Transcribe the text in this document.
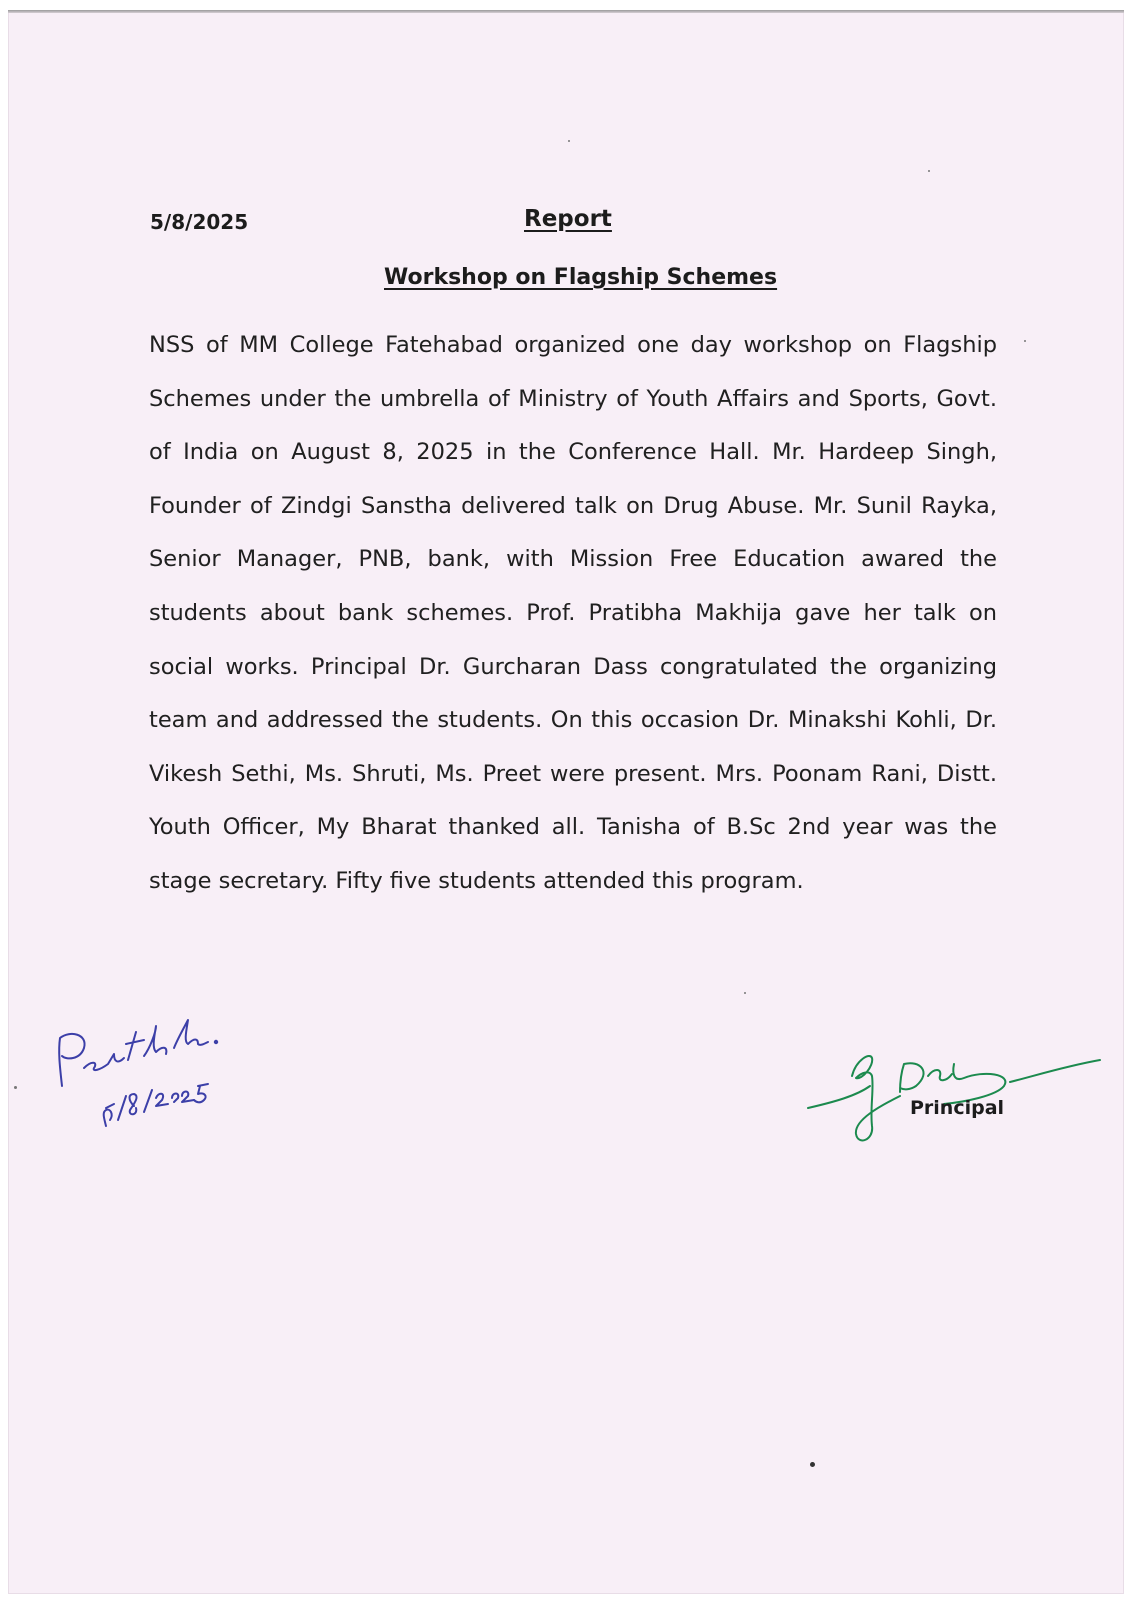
5/8/2025	Report
Workshop on Flagship Schemes

NSS of MM College Fatehabad organized one day workshop on Flagship Schemes under the umbrella of Ministry of Youth Affairs and Sports, Govt. of India on August 8, 2025 in the Conference Hall. Mr. Hardeep Singh, Founder of Zindgi Sanstha delivered talk on Drug Abuse. Mr. Sunil Rayka, Senior Manager, PNB, bank, with Mission Free Education awared the students about bank schemes. Prof. Pratibha Makhija gave her talk on social works. Principal Dr. Gurcharan Dass congratulated the organizing team and addressed the students. On this occasion Dr. Minakshi Kohli, Dr. Vikesh Sethi, Ms. Shruti, Ms. Preet were present. Mrs. Poonam Rani, Distt. Youth Officer, My Bharat thanked all. Tanisha of B.Sc 2nd year was the stage secretary. Fifty five students attended this program.

Principal
